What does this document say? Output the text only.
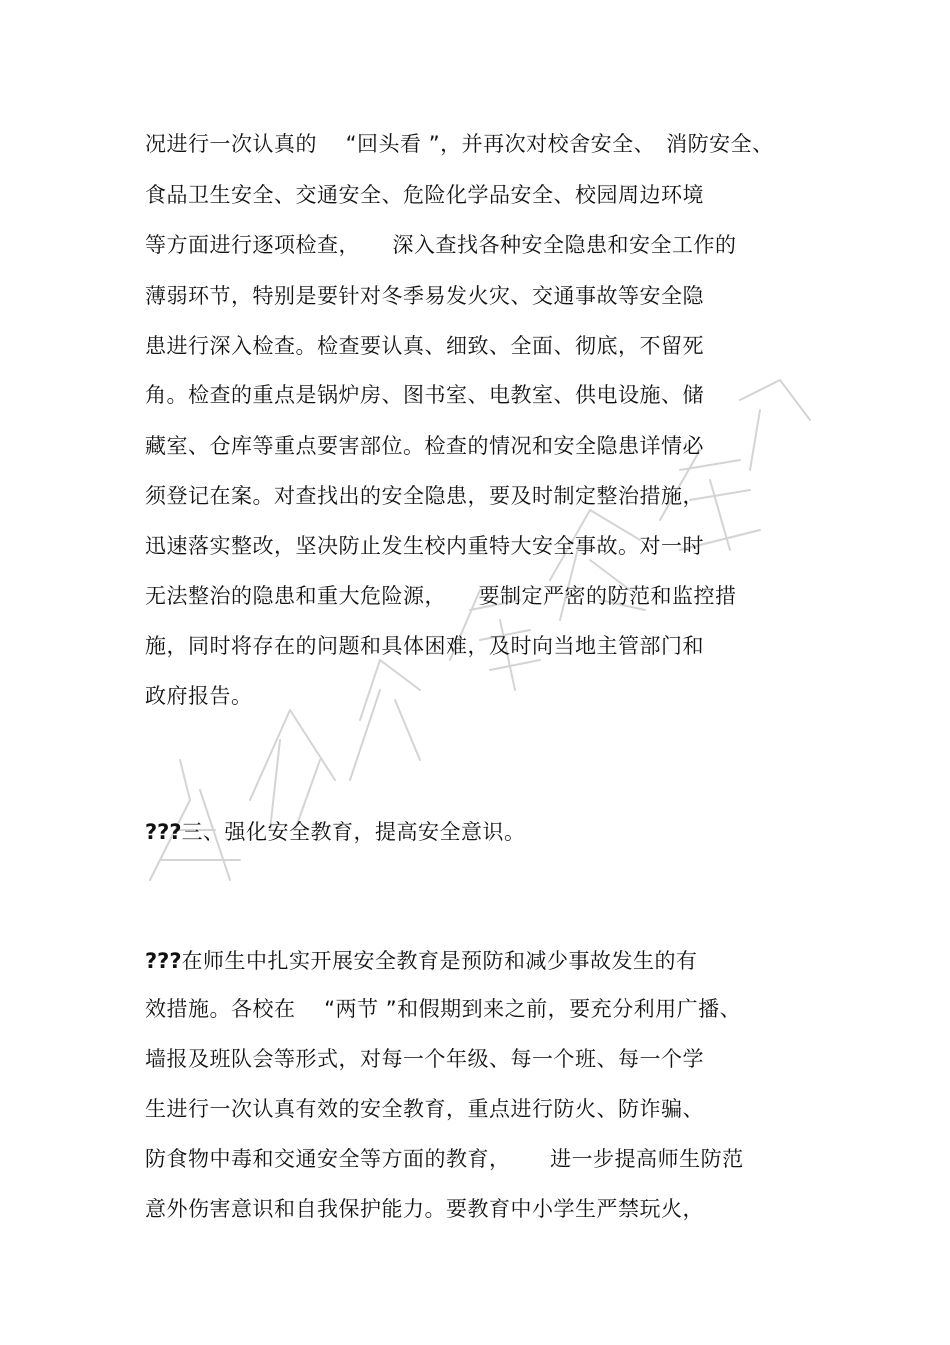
况进行一次认真的　 “回头看 ”，并再次对校舍安全、　消防安全、
食品卫生安全、交通安全、危险化学品安全、校园周边环境
等方面进行逐项检查，　　深入查找各种安全隐患和安全工作的
薄弱环节，特别是要针对冬季易发火灾、交通事故等安全隐
患进行深入检查。检查要认真、细致、全面、彻底，不留死
角。检查的重点是锅炉房、图书室、电教室、供电设施、储
藏室、仓库等重点要害部位。检查的情况和安全隐患详情必
须登记在案。对查找出的安全隐患，要及时制定整治措施，
迅速落实整改，坚决防止发生校内重特大安全事故。对一时
无法整治的隐患和重大危险源，　　要制定严密的防范和监控措
施，同时将存在的问题和具体困难，及时向当地主管部门和
政府报告。
???三、强化安全教育，提高安全意识。
???在师生中扎实开展安全教育是预防和减少事故发生的有
效措施。各校在　 “两节 ”和假期到来之前，要充分利用广播、
墙报及班队会等形式，对每一个年级、每一个班、每一个学
生进行一次认真有效的安全教育，重点进行防火、防诈骗、
防食物中毒和交通安全等方面的教育，　　 进一步提高师生防范
意外伤害意识和自我保护能力。要教育中小学生严禁玩火，
